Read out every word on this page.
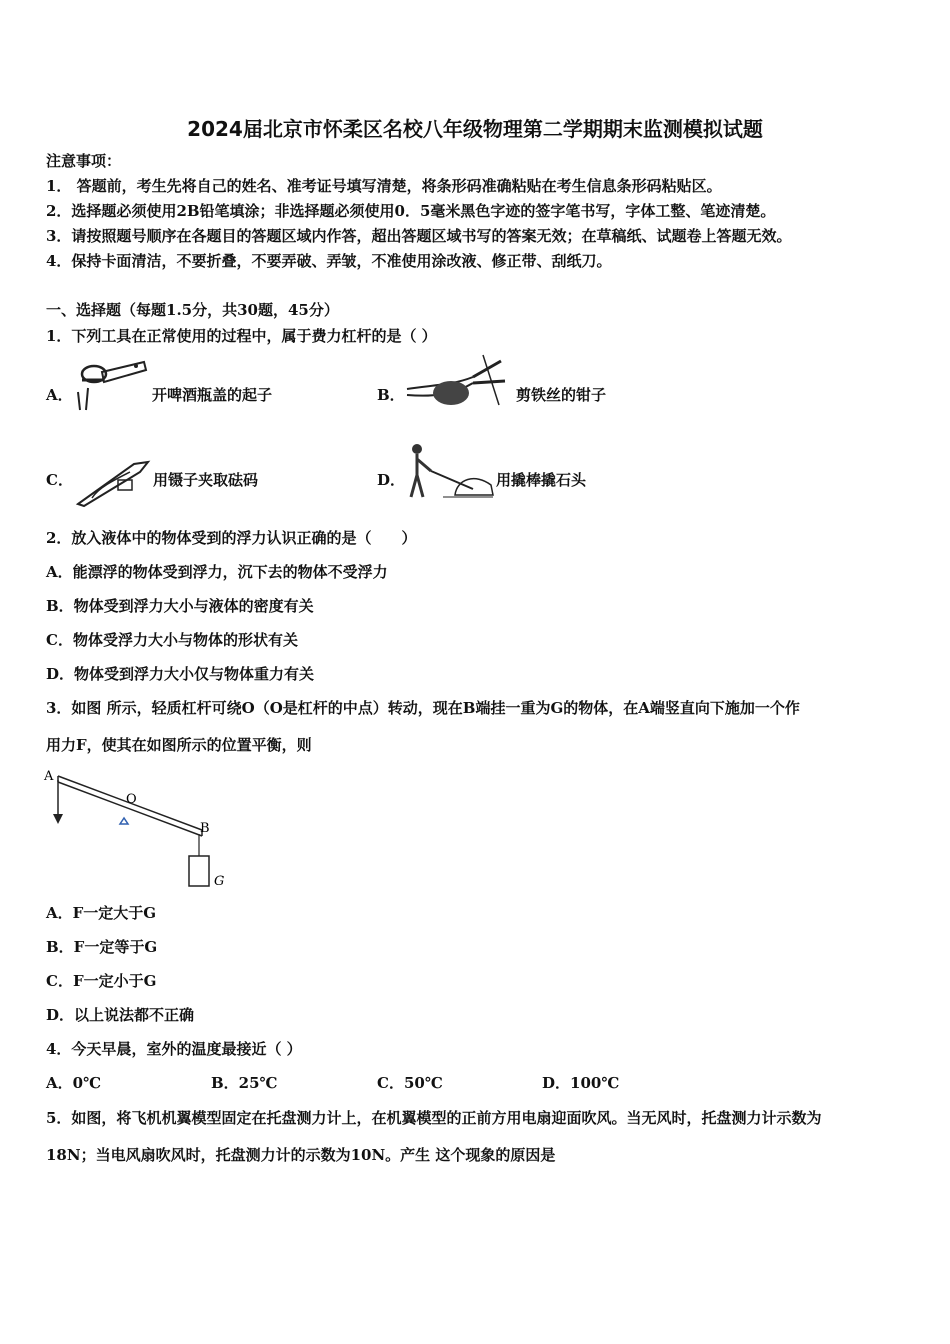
2024届北京市怀柔区名校八年级物理第二学期期末监测模拟试题
注意事项：
1． 答题前，考生先将自己的姓名、准考证号填写清楚，将条形码准确粘贴在考生信息条形码粘贴区。
2．选择题必须使用2B铅笔填涂；非选择题必须使用0．5毫米黑色字迹的签字笔书写，字体工整、笔迹清楚。
3．请按照题号顺序在各题目的答题区域内作答，超出答题区域书写的答案无效；在草稿纸、试题卷上答题无效。
4．保持卡面清洁，不要折叠，不要弄破、弄皱，不准使用涂改液、修正带、刮纸刀。
一、选择题（每题1.5分，共30题，45分）
1．下列工具在正常使用的过程中，属于费力杠杆的是（ ）
A．	开啤酒瓶盖的起子	B．	剪铁丝的钳子
C．	用镊子夹取砝码	D．	用撬棒撬石头
2．放入液体中的物体受到的浮力认识正确的是（　　）
A．能漂浮的物体受到浮力，沉下去的物体不受浮力
B．物体受到浮力大小与液体的密度有关
C．物体受浮力大小与物体的形状有关
D．物体受到浮力大小仅与物体重力有关
3．如图 所示，轻质杠杆可绕O（O是杠杆的中点）转动，现在B端挂一重为G的物体，在A端竖直向下施加一个作
用力F，使其在如图所示的位置平衡，则
A
O
B
G
A．F一定大于G
B．F一定等于G
C．F一定小于G
D．以上说法都不正确
4．今天早晨，室外的温度最接近（ ）
A．0℃	B．25℃	C．50℃	D．100℃
5．如图，将飞机机翼模型固定在托盘测力计上，在机翼模型的正前方用电扇迎面吹风。当无风时，托盘测力计示数为
18N；当电风扇吹风时，托盘测力计的示数为10N。产生 这个现象的原因是
